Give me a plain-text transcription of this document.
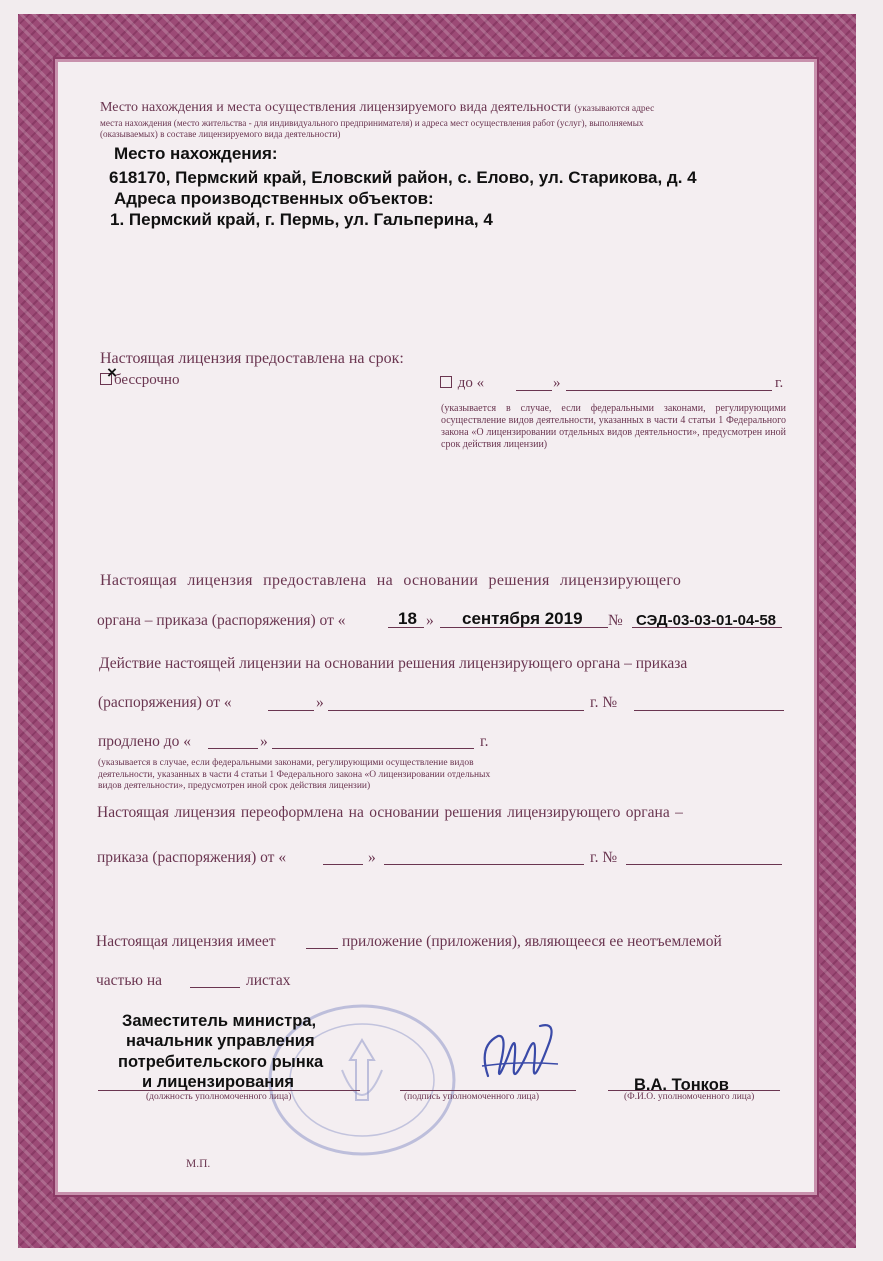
Место нахождения и места осуществления лицензируемого вида деятельности (указываются адрес
места нахождения (место жительства - для индивидуального предпринимателя) и адреса мест осуществления работ (услуг), выполняемых
(оказываемых) в составе лицензируемого вида деятельности)
Место нахождения:
618170, Пермский край, Еловский район, с. Елово, ул. Старикова, д. 4
Адреса производственных объектов:
1. Пермский край, г. Пермь, ул. Гальперина, 4
Настоящая лицензия предоставлена на срок:
бессрочно
×
до «	»	г.
(указывается в случае, если федеральными законами, регулирующими осуществление видов деятельности, указанных в части 4 статьи 1 Федерального закона «О лицензировании отдельных видов деятельности», предусмотрен иной срок действия лицензии)
Настоящая лицензия предоставлена на основании решения лицензирующего
органа – приказа (распоряжения) от «	18 » сентября 2019 № СЭД-03-03-01-04-58
Действие настоящей лицензии на основании решения лицензирующего органа – приказа
(распоряжения) от «	»	г. №
продлено до «	»	г.
(указывается в случае, если федеральными законами, регулирующими осуществление видов деятельности, указанных в части 4 статьи 1 Федерального закона «О лицензировании отдельных видов деятельности», предусмотрен иной срок действия лицензии)
Настоящая лицензия переоформлена на основании решения лицензирующего органа –
приказа (распоряжения) от «	»	г. №
Настоящая лицензия имеет	приложение (приложения), являющееся ее неотъемлемой
частью на	листах
Заместитель министра,
начальник управления
потребительского рынка
и лицензирования
(должность уполномоченного лица)	(подпись уполномоченного лица)
В.А. Тонков
(Ф.И.О. уполномоченного лица)
М.П.
